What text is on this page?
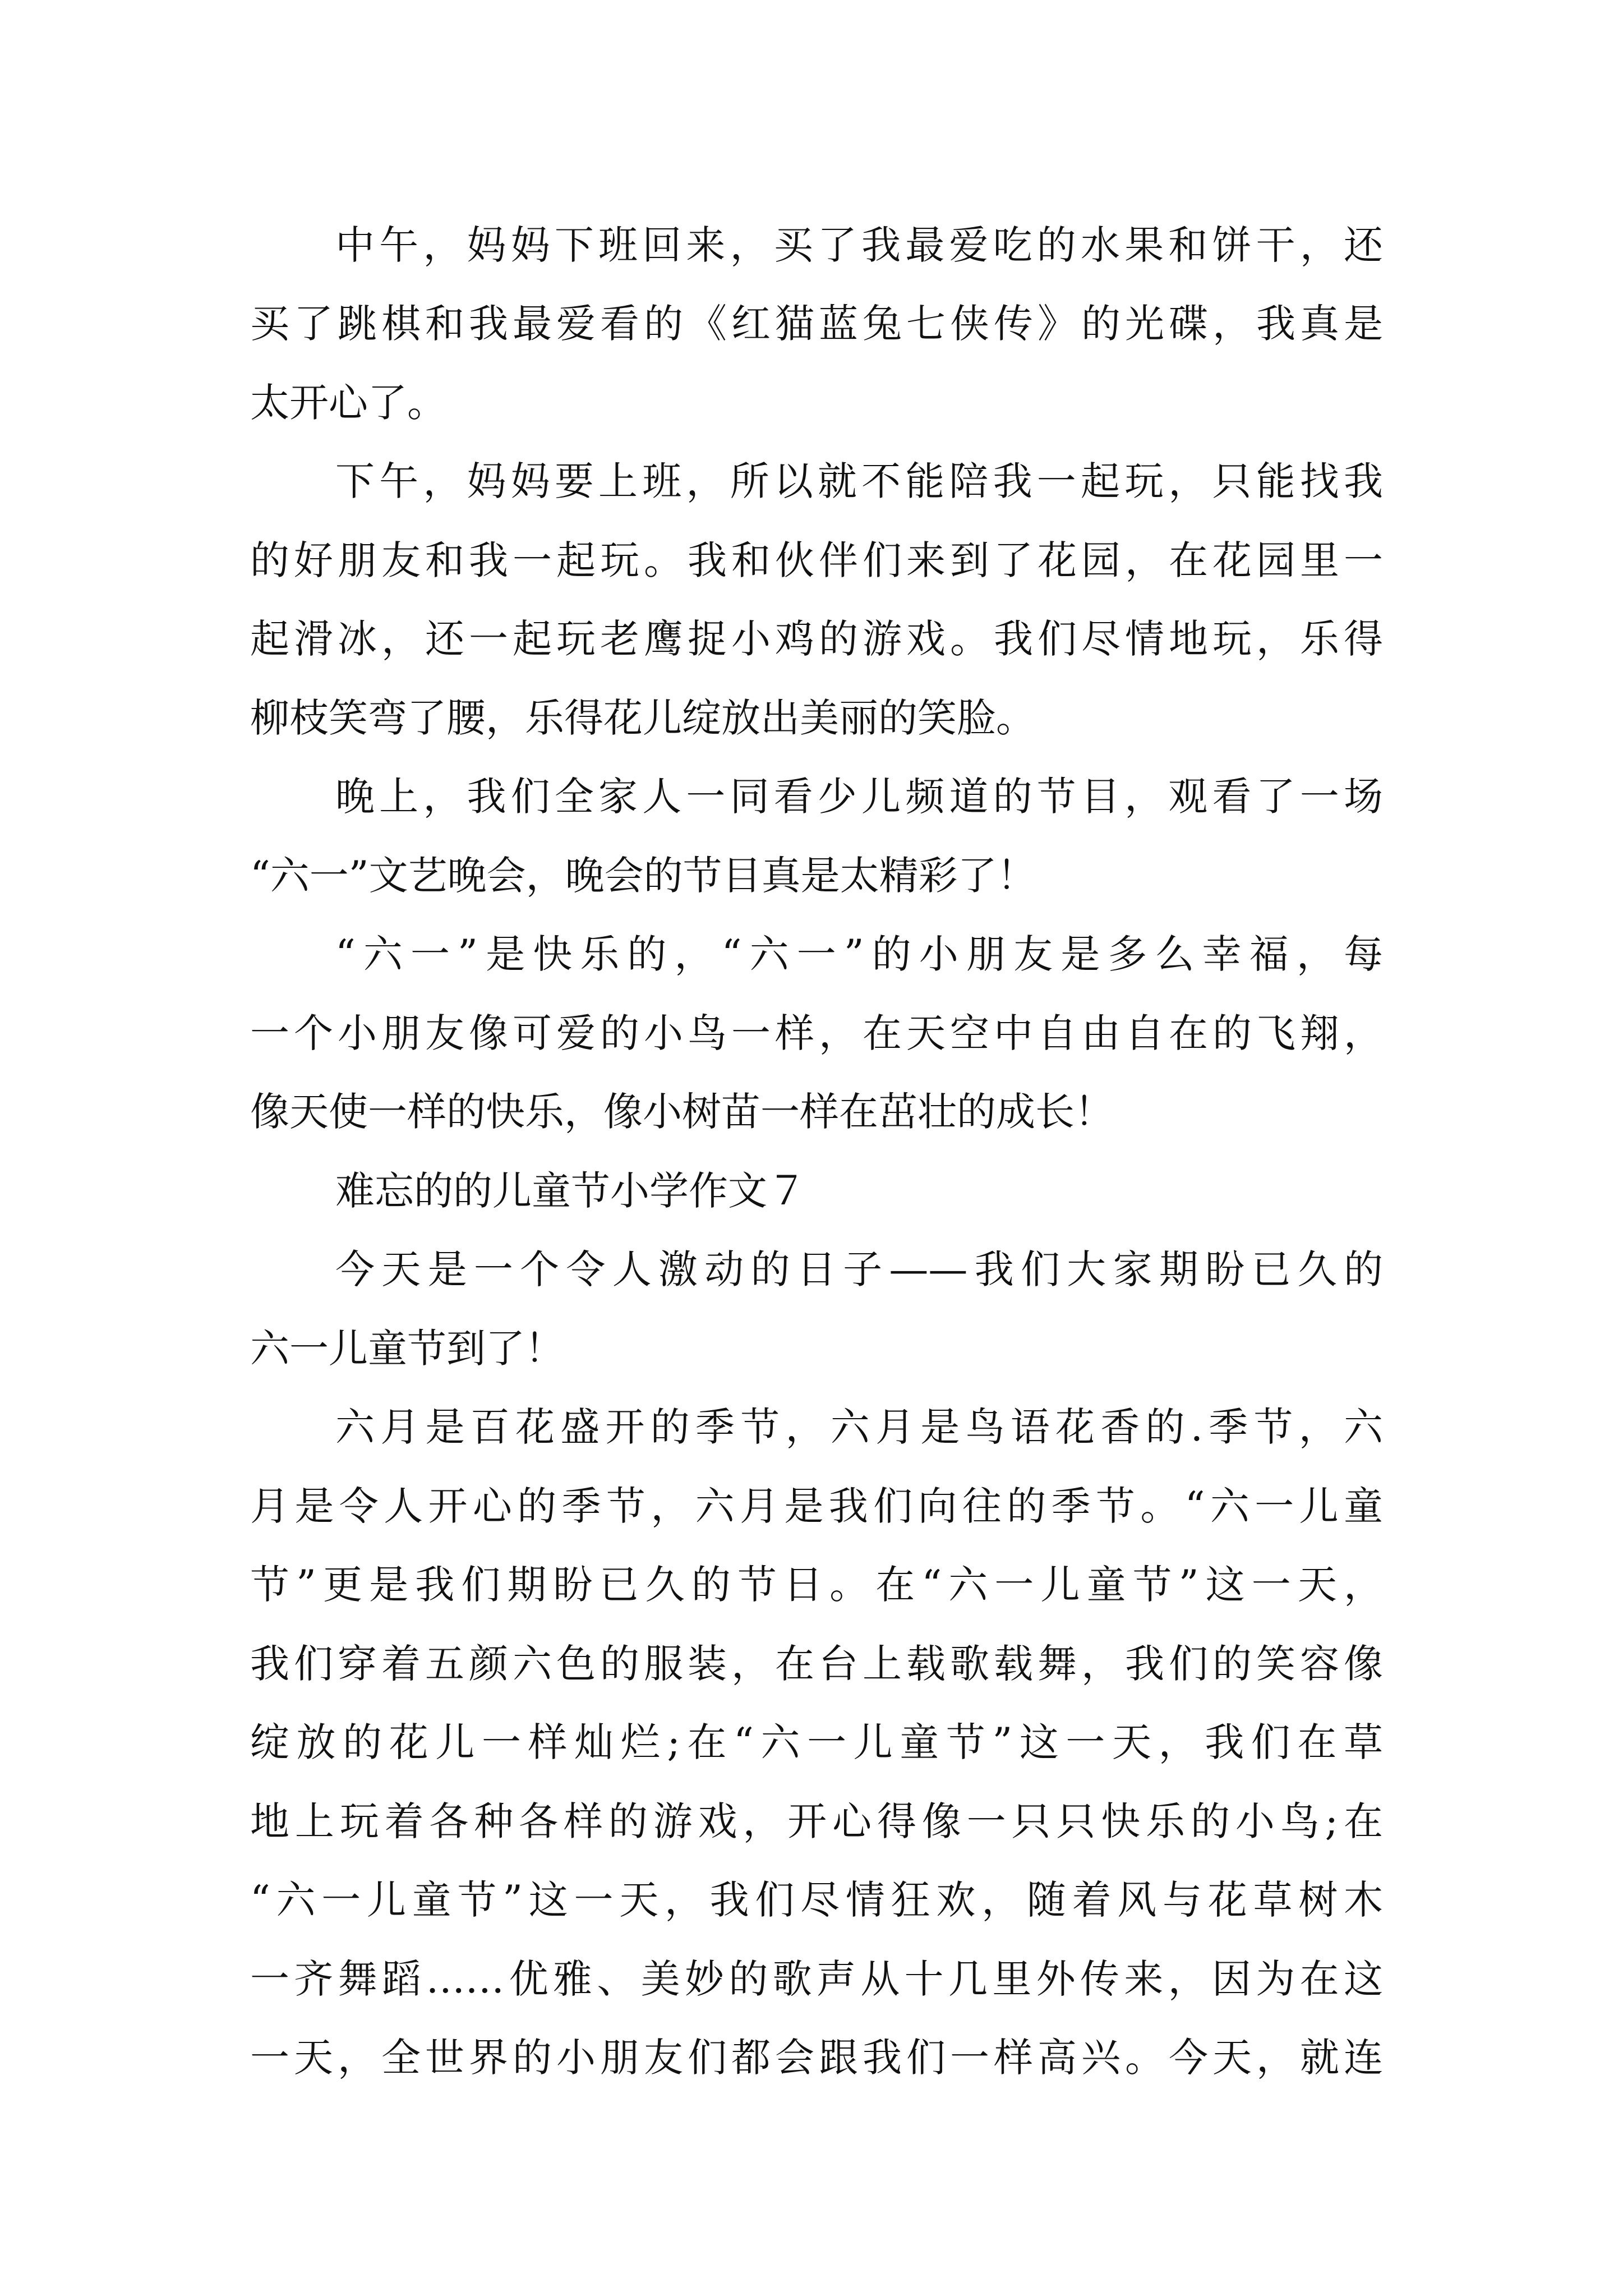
中午，妈妈下班回来，买了我最爱吃的水果和饼干，还
买了跳棋和我最爱看的《红猫蓝兔七侠传》的光碟，我真是
太开心了。
下午，妈妈要上班，所以就不能陪我一起玩，只能找我
的好朋友和我一起玩。我和伙伴们来到了花园，在花园里一
起滑冰，还一起玩老鹰捉小鸡的游戏。我们尽情地玩，乐得
柳枝笑弯了腰，乐得花儿绽放出美丽的笑脸。
晚上，我们全家人一同看少儿频道的节目，观看了一场
“六一”文艺晚会，晚会的节目真是太精彩了！
“六一”是快乐的，“六一”的小朋友是多么幸福，每
一个小朋友像可爱的小鸟一样，在天空中自由自在的飞翔，
像天使一样的快乐，像小树苗一样在茁壮的成长！
难忘的的儿童节小学作文７
今天是一个令人激动的日子——我们大家期盼已久的
六一儿童节到了！
六月是百花盛开的季节，六月是鸟语花香的.季节，六
月是令人开心的季节，六月是我们向往的季节。“六一儿童
节”更是我们期盼已久的节日。在“六一儿童节”这一天，
我们穿着五颜六色的服装，在台上载歌载舞，我们的笑容像
绽放的花儿一样灿烂;在“六一儿童节”这一天，我们在草
地上玩着各种各样的游戏，开心得像一只只快乐的小鸟;在
“六一儿童节”这一天，我们尽情狂欢，随着风与花草树木
一齐舞蹈……优雅、美妙的歌声从十几里外传来，因为在这
一天，全世界的小朋友们都会跟我们一样高兴。今天，就连
